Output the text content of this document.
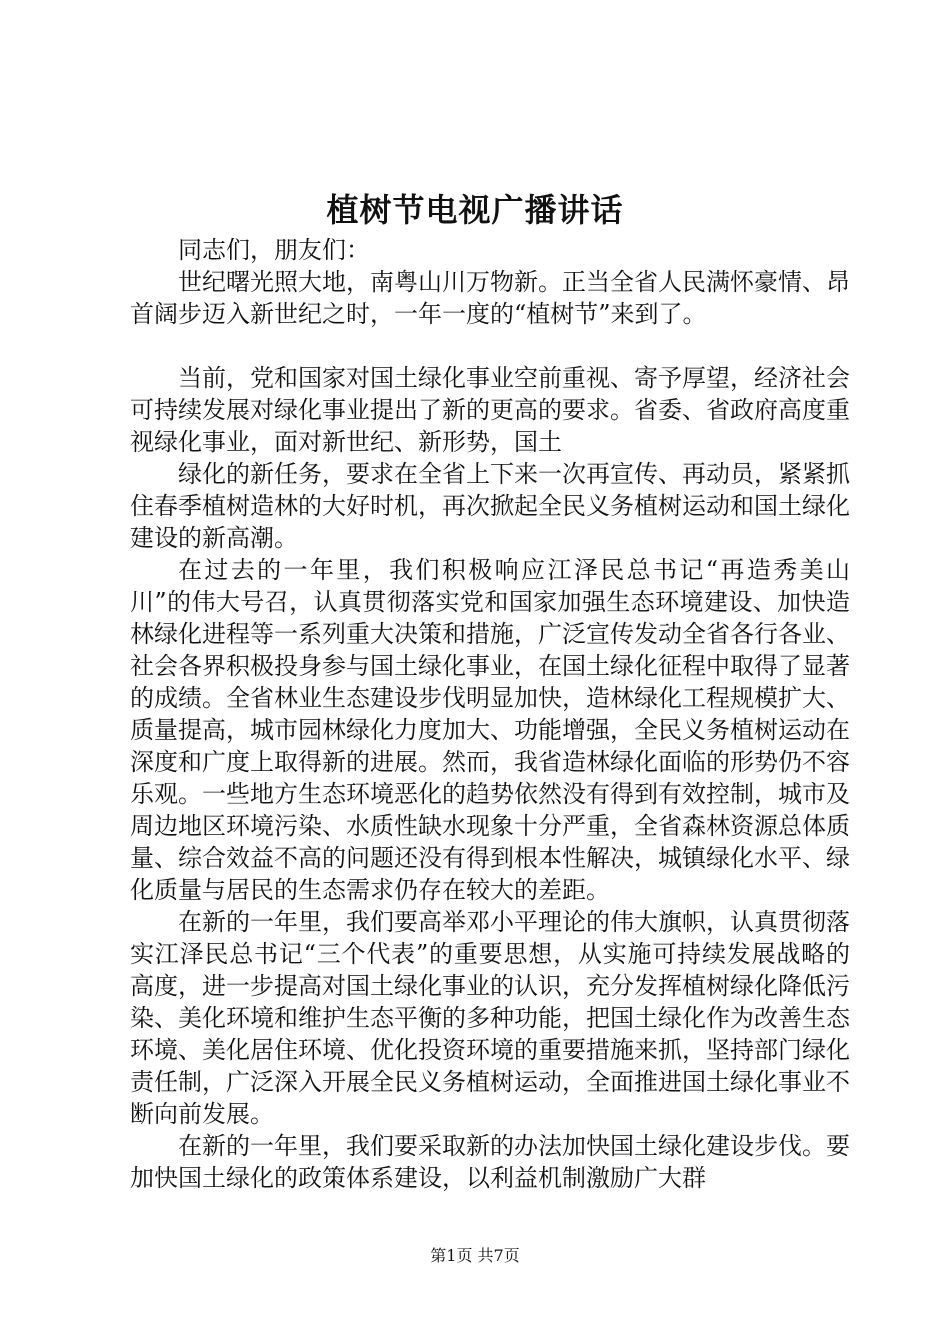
植树节电视广播讲话

同志们，朋友们：

世纪曙光照大地，南粤山川万物新。正当全省人民满怀豪情、昂首阔步迈入新世纪之时，一年一度的“植树节”来到了。

当前，党和国家对国土绿化事业空前重视、寄予厚望，经济社会可持续发展对绿化事业提出了新的更高的要求。省委、省政府高度重视绿化事业，面对新世纪、新形势，国土

绿化的新任务，要求在全省上下来一次再宣传、再动员，紧紧抓住春季植树造林的大好时机，再次掀起全民义务植树运动和国土绿化建设的新高潮。

在过去的一年里，我们积极响应江泽民总书记“再造秀美山川”的伟大号召，认真贯彻落实党和国家加强生态环境建设、加快造林绿化进程等一系列重大决策和措施，广泛宣传发动全省各行各业、社会各界积极投身参与国土绿化事业，在国土绿化征程中取得了显著的成绩。全省林业生态建设步伐明显加快，造林绿化工程规模扩大、质量提高，城市园林绿化力度加大、功能增强，全民义务植树运动在深度和广度上取得新的进展。然而，我省造林绿化面临的形势仍不容乐观。一些地方生态环境恶化的趋势依然没有得到有效控制，城市及周边地区环境污染、水质性缺水现象十分严重，全省森林资源总体质量、综合效益不高的问题还没有得到根本性解决，城镇绿化水平、绿化质量与居民的生态需求仍存在较大的差距。

在新的一年里，我们要高举邓小平理论的伟大旗帜，认真贯彻落实江泽民总书记“三个代表”的重要思想，从实施可持续发展战略的高度，进一步提高对国土绿化事业的认识，充分发挥植树绿化降低污染、美化环境和维护生态平衡的多种功能，把国土绿化作为改善生态环境、美化居住环境、优化投资环境的重要措施来抓，坚持部门绿化责任制，广泛深入开展全民义务植树运动，全面推进国土绿化事业不断向前发展。

在新的一年里，我们要采取新的办法加快国土绿化建设步伐。要加快国土绿化的政策体系建设，以利益机制激励广大群

第1页 共7页
